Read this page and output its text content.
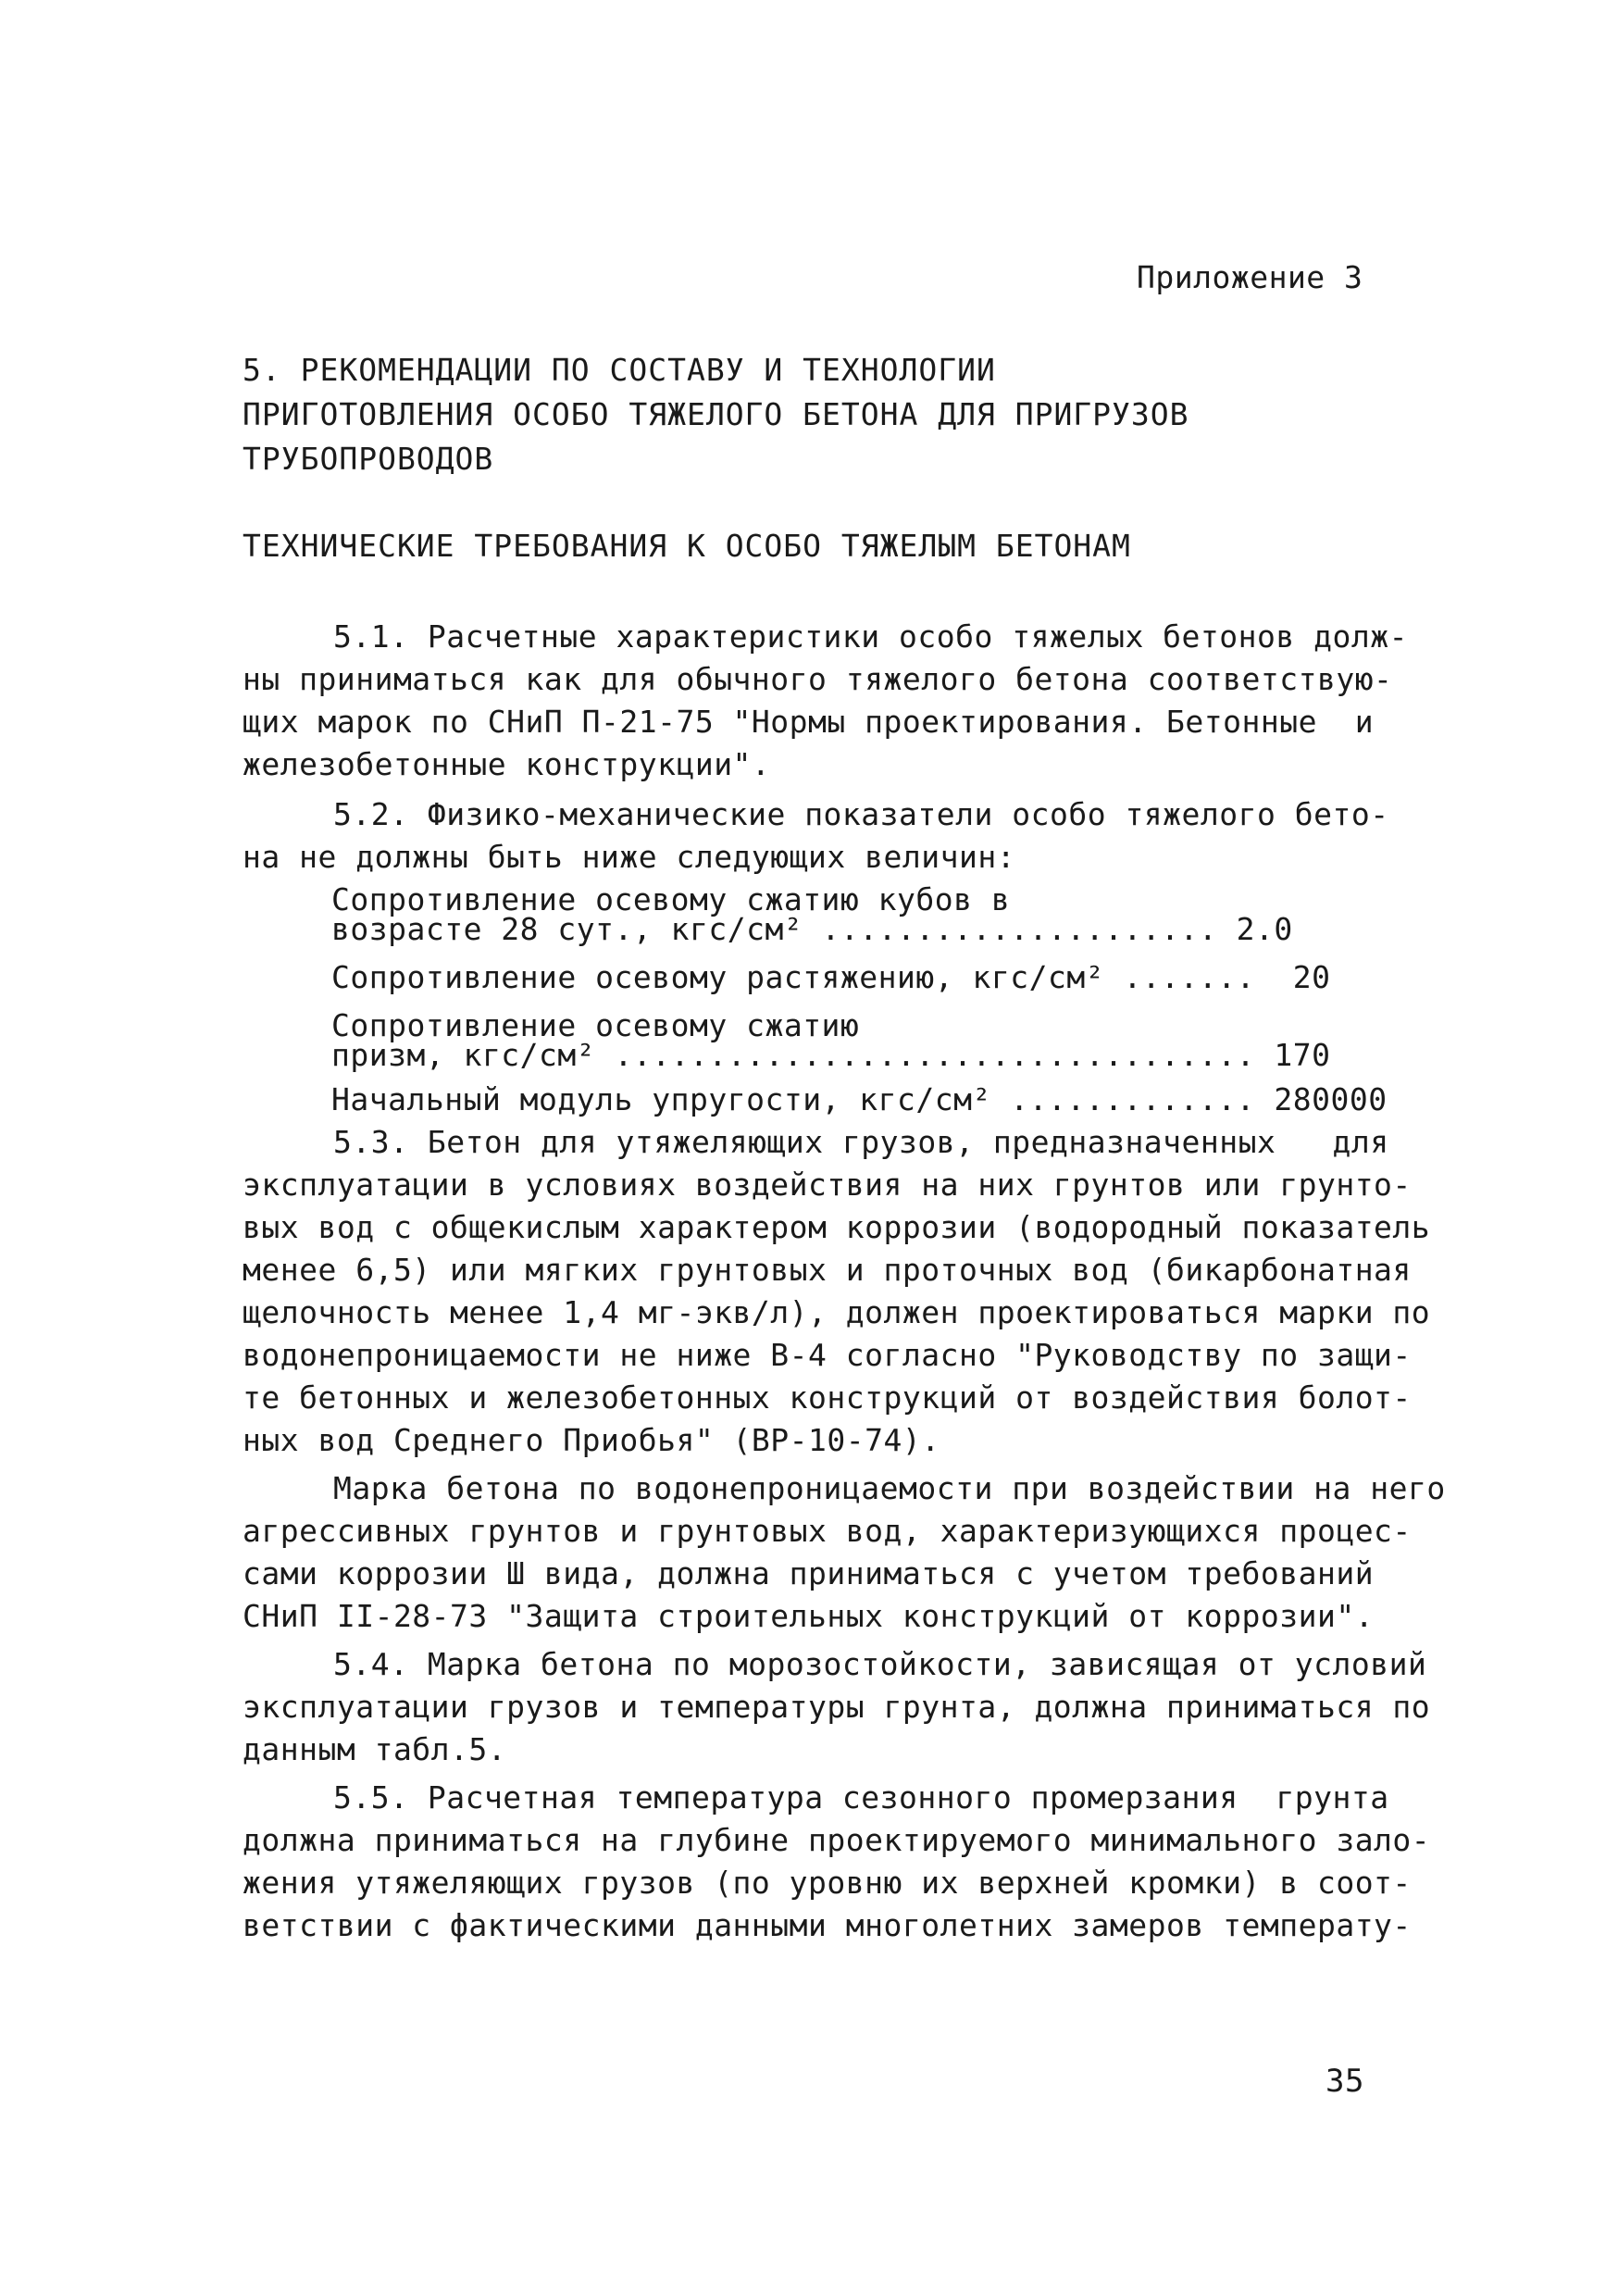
Приложение 3
5. РЕКОМЕНДАЦИИ ПО СОСТАВУ И ТЕХНОЛОГИИ
ПРИГОТОВЛЕНИЯ ОСОБО ТЯЖЕЛОГО БЕТОНА ДЛЯ ПРИГРУЗОВ
ТРУБОПРОВОДОВ
ТЕХНИЧЕСКИЕ ТРЕБОВАНИЯ К ОСОБО ТЯЖЕЛЫМ БЕТОНАМ
5.1. Расчетные характеристики особо тяжелых бетонов долж-
ны приниматься как для обычного тяжелого бетона соответствую-
щих марок по СНиП П-21-75 "Нормы проектирования. Бетонные  и
железобетонные конструкции".
5.2. Физико-механические показатели особо тяжелого бето-
на не должны быть ниже следующих величин:
Сопротивление осевому сжатию кубов в
возрасте 28 сут., кгс/см² ..................... 2.0
Сопротивление осевому растяжению, кгс/см² .......  20
Сопротивление осевому сжатию
призм, кгс/см² .................................. 170
Начальный модуль упругости, кгс/см² ............. 280000
5.3. Бетон для утяжеляющих грузов, предназначенных   для
эксплуатации в условиях воздействия на них грунтов или грунто-
вых вод с общекислым характером коррозии (водородный показатель
менее 6,5) или мягких грунтовых и проточных вод (бикарбонатная
щелочность менее 1,4 мг-экв/л), должен проектироваться марки по
водонепроницаемости не ниже В-4 согласно "Руководству по защи-
те бетонных и железобетонных конструкций от воздействия болот-
ных вод Среднего Приобья" (ВР-10-74).
Марка бетона по водонепроницаемости при воздействии на него
агрессивных грунтов и грунтовых вод, характеризующихся процес-
сами коррозии Ш вида, должна приниматься с учетом требований
СНиП II-28-73 "Защита строительных конструкций от коррозии".
5.4. Марка бетона по морозостойкости, зависящая от условий
эксплуатации грузов и температуры грунта, должна приниматься по
данным табл.5.
5.5. Расчетная температура сезонного промерзания  грунта
должна приниматься на глубине проектируемого минимального зало-
жения утяжеляющих грузов (по уровню их верхней кромки) в соот-
ветствии с фактическими данными многолетних замеров температу-
35
